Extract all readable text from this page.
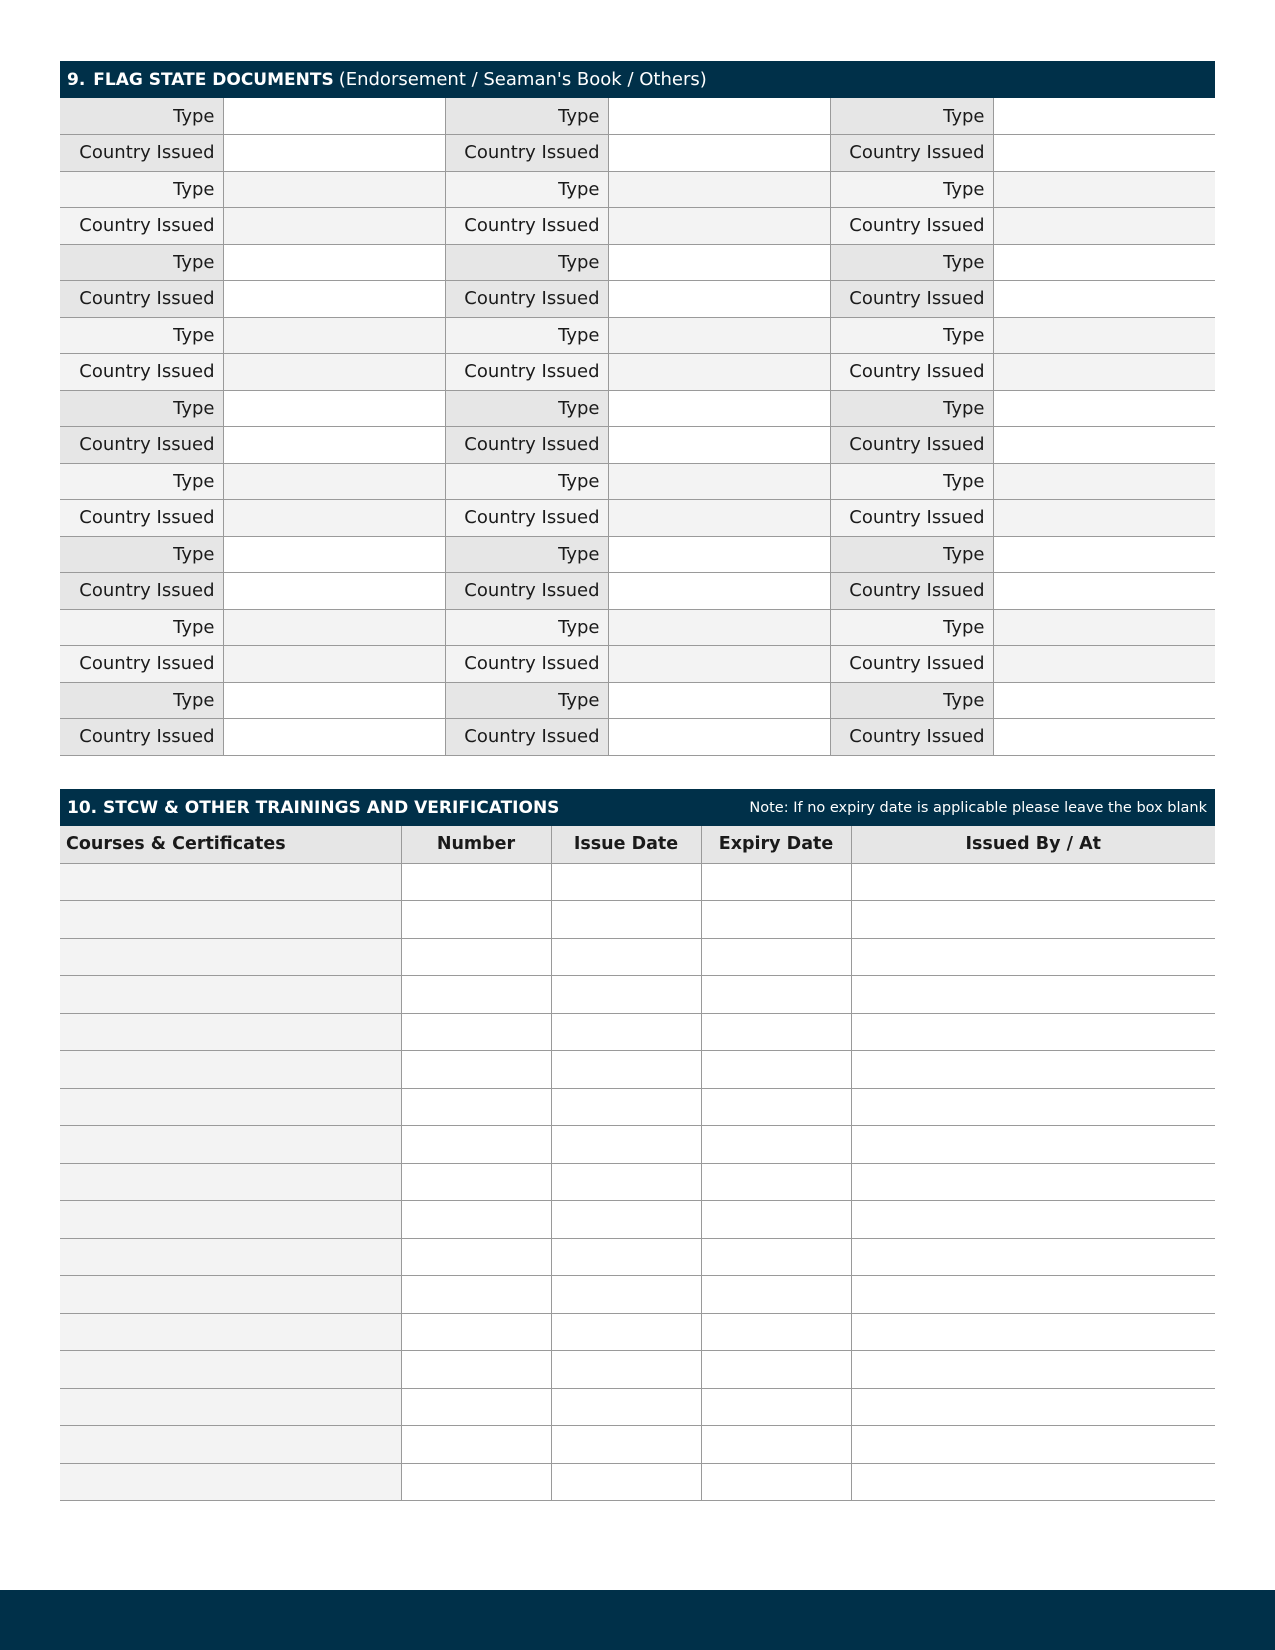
9. FLAG STATE DOCUMENTS (Endorsement / Seaman's Book / Others)
Type		Type		Type	
Country Issued		Country Issued		Country Issued	
Type		Type		Type	
Country Issued		Country Issued		Country Issued	
Type		Type		Type	
Country Issued		Country Issued		Country Issued	
Type		Type		Type	
Country Issued		Country Issued		Country Issued	
Type		Type		Type	
Country Issued		Country Issued		Country Issued	
Type		Type		Type	
Country Issued		Country Issued		Country Issued	
Type		Type		Type	
Country Issued		Country Issued		Country Issued	
Type		Type		Type	
Country Issued		Country Issued		Country Issued	
Type		Type		Type	
Country Issued		Country Issued		Country Issued	
10. STCW & OTHER TRAININGS AND VERIFICATIONS	Note: If no expiry date is applicable please leave the box blank
Courses & Certificates	Number	Issue Date	Expiry Date	Issued By / At
